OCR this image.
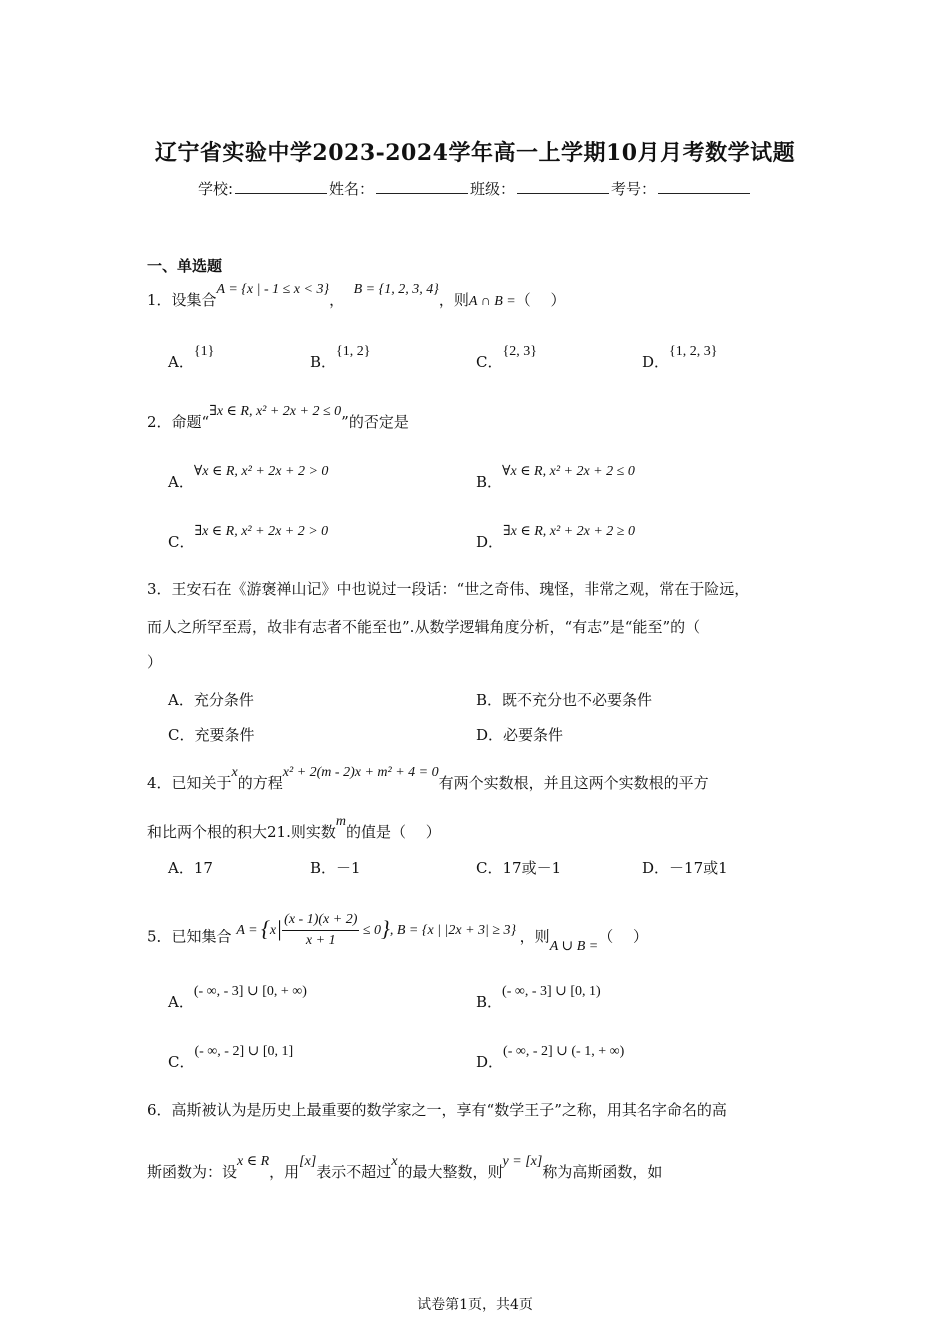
辽宁省实验中学2023-2024学年高一上学期10月月考数学试题
学校:	姓名：	班级：	考号：
一、单选题
1．设集合A = {x | - 1 ≤ x < 3}，  B = {1, 2, 3, 4}，则A ∩ B =（　 ）
A．{1}
B．{1, 2}
C．{2, 3}
D．{1, 2, 3}
2．命题“∃x ∈ R, x² + 2x + 2 ≤ 0”的否定是
A．∀x ∈ R, x² + 2x + 2 > 0
B．∀x ∈ R, x² + 2x + 2 ≤ 0
C．∃x ∈ R, x² + 2x + 2 > 0
D．∃x ∈ R, x² + 2x + 2 ≥ 0
3．王安石在《游褒禅山记》中也说过一段话：“世之奇伟、瑰怪，非常之观，常在于险远，
而人之所罕至焉，故非有志者不能至也”.从数学逻辑角度分析，“有志”是“能至”的（
）
A．充分条件	B．既不充分也不必要条件
C．充要条件	D．必要条件
4．已知关于x的方程x² + 2(m - 2)x + m² + 4 = 0有两个实数根，并且这两个实数根的平方
和比两个根的积大21.则实数m的值是（　 ）
A．17	B．－1	C．17或－1	D．－17或1
5．已知集合 $A = \{x| \frac{(x - 1)(x + 2)}{x + 1} \le 0\}$, B = {x | |2x + 3| ≥ 3} ，则A ∪ B =（　 ）
A．(- ∞, - 3] ∪ [0, + ∞)
B．(- ∞, - 3] ∪ [0, 1)
C．(- ∞, - 2] ∪ [0, 1]
D．(- ∞, - 2] ∪ (- 1, + ∞)
6．高斯被认为是历史上最重要的数学家之一，享有“数学王子”之称，用其名字命名的高
斯函数为：设x ∈ R，用[x]表示不超过x的最大整数，则y = [x]称为高斯函数，如
试卷第1页，共4页
